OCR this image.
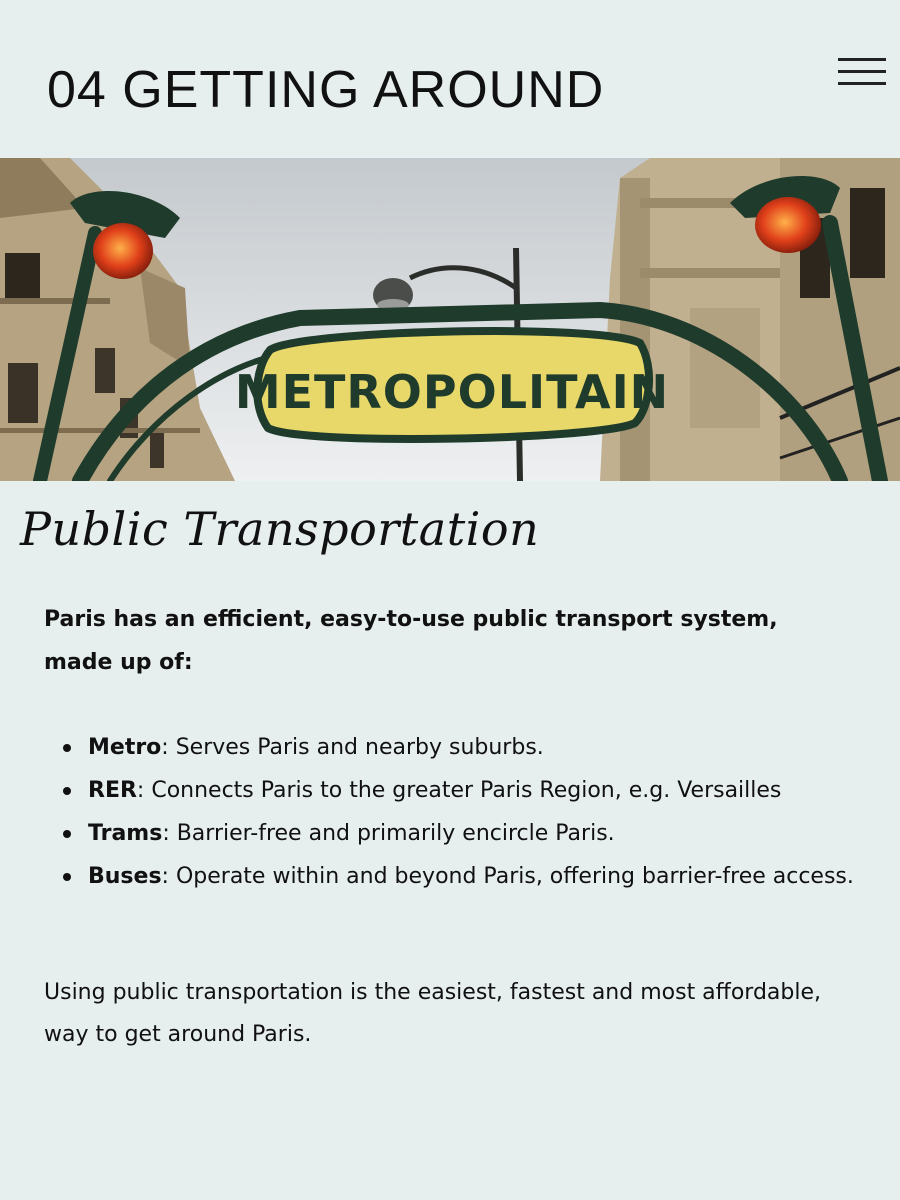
04 GETTING AROUND
METROPOLITAIN
Public Transportation

Paris has an efficient, easy-to-use public transport system, made up of:

Metro: Serves Paris and nearby suburbs.
RER: Connects Paris to the greater Paris Region, e.g. Versailles
Trams: Barrier-free and primarily encircle Paris.
Buses: Operate within and beyond Paris, offering barrier-free access.

Using public transportation is the easiest, fastest and most affordable, way to get around Paris.
